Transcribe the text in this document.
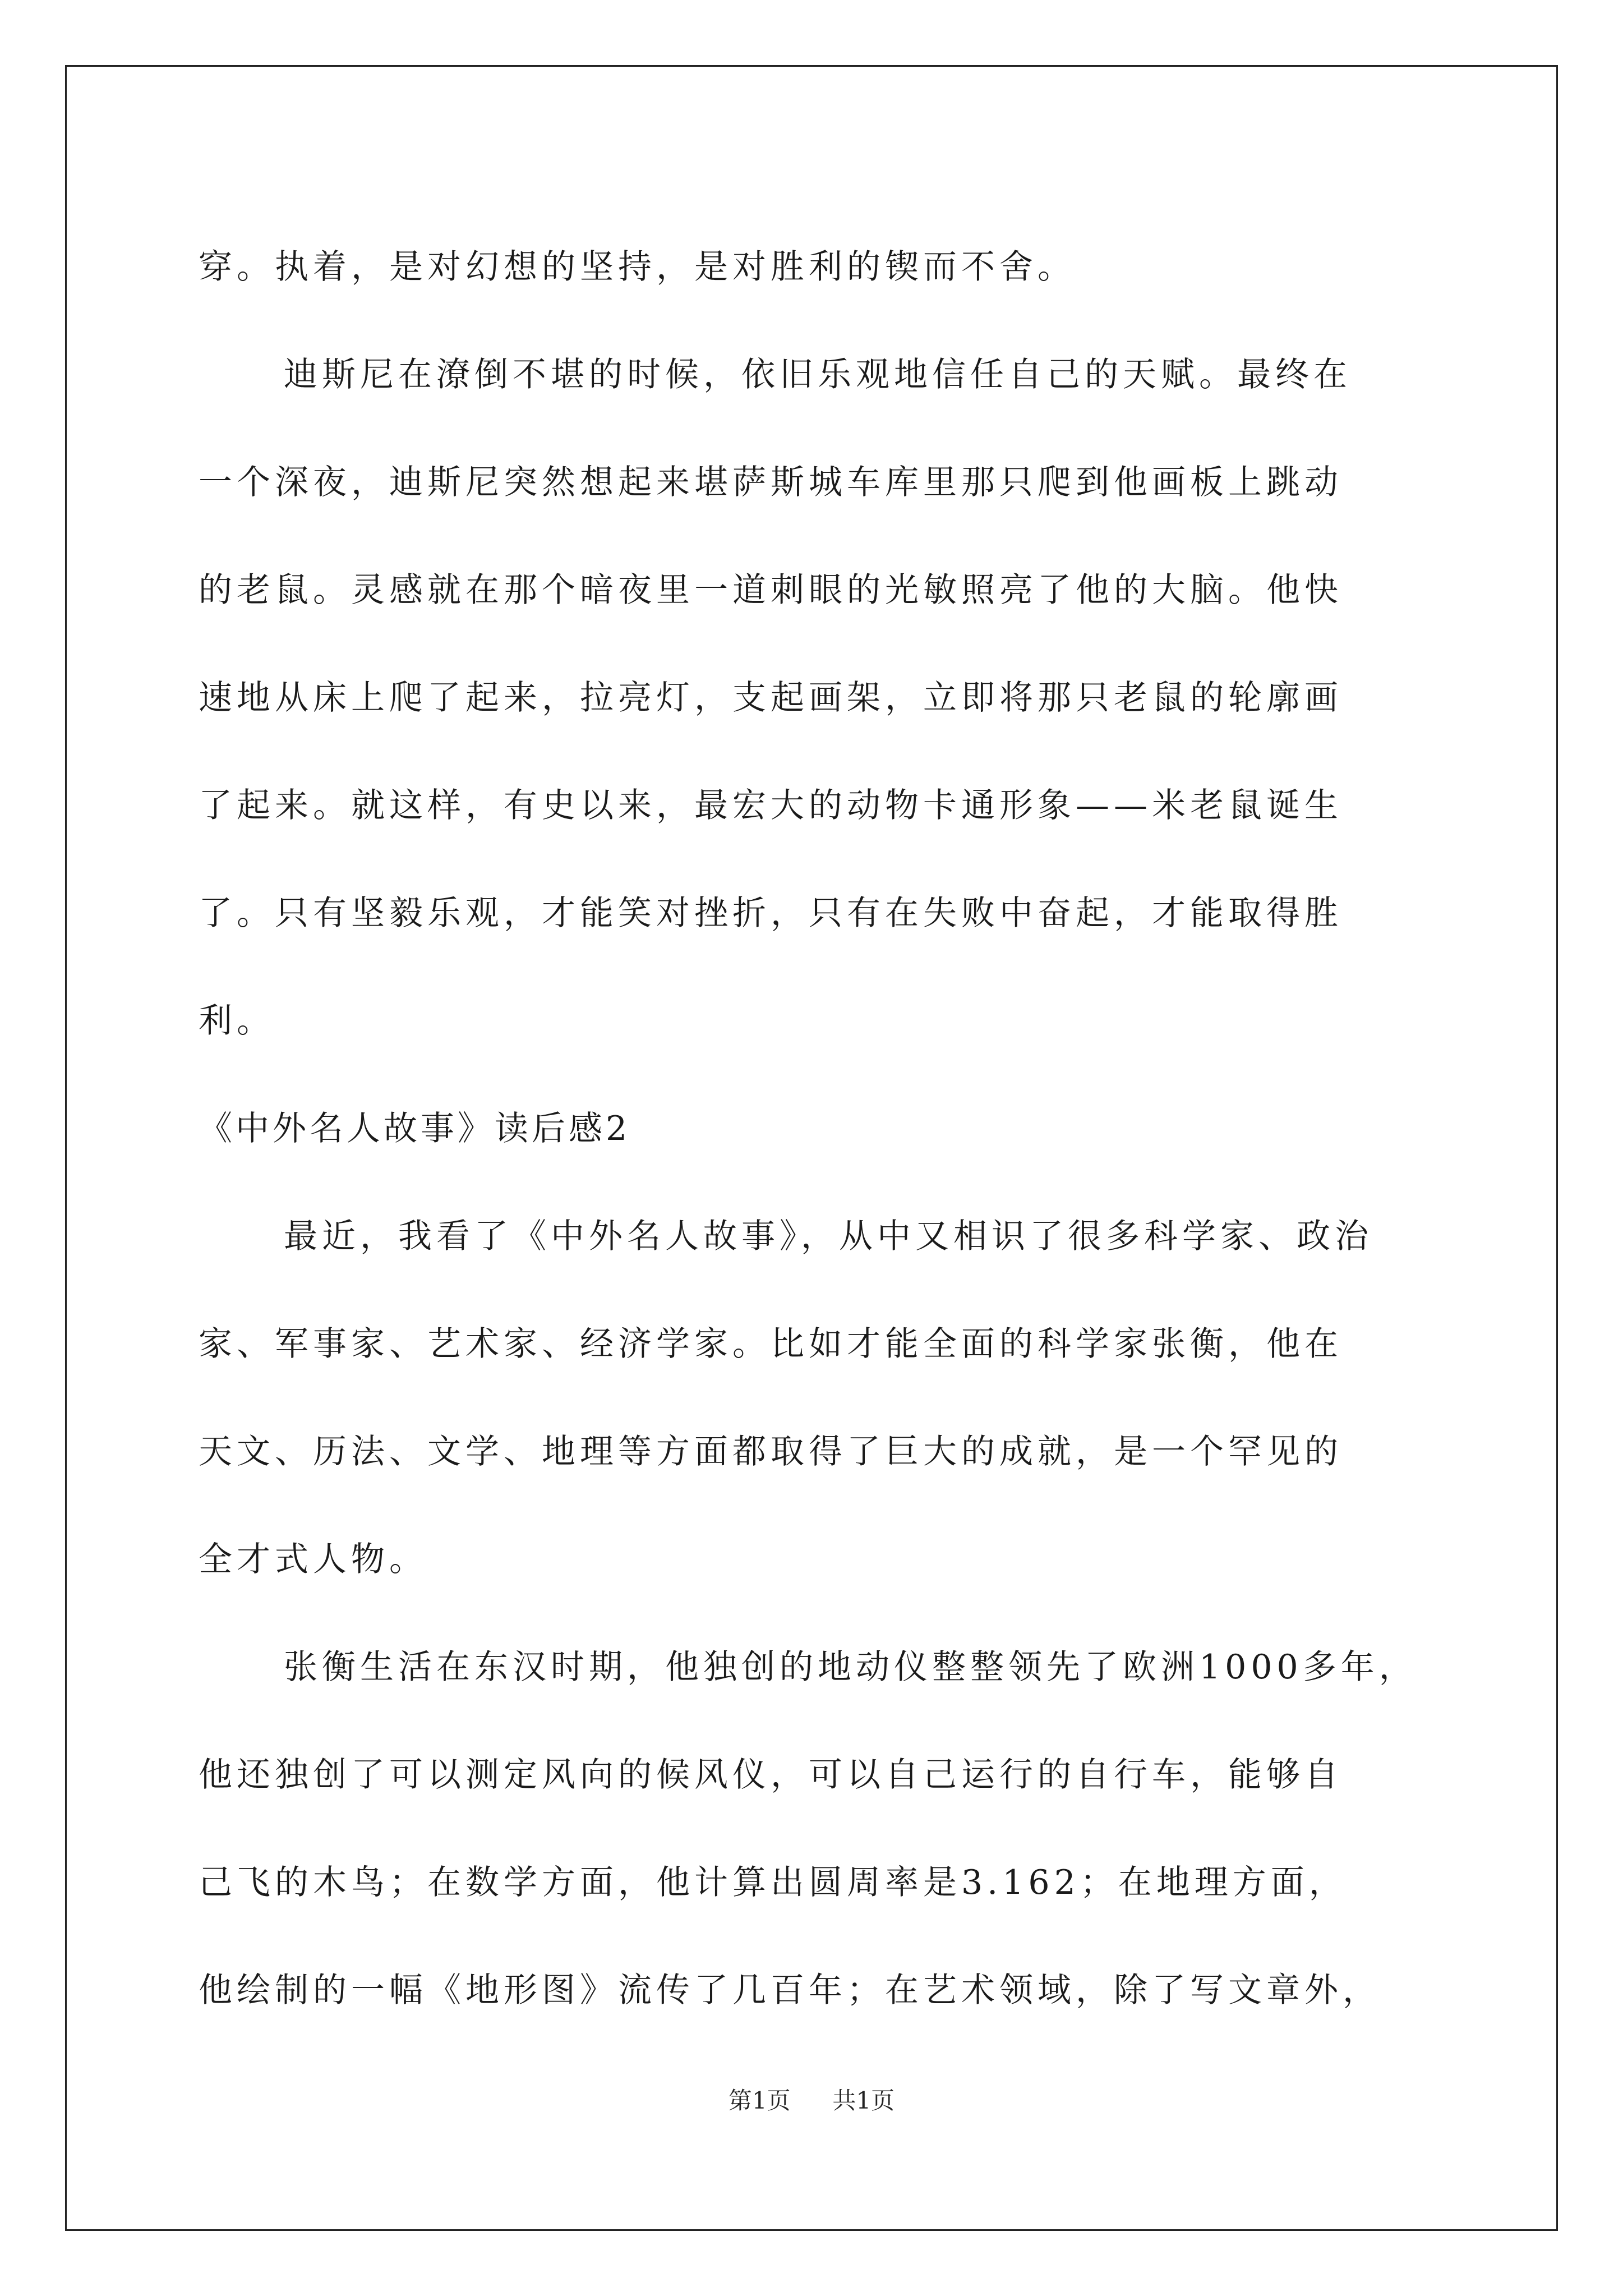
穿。执着，是对幻想的坚持，是对胜利的锲而不舍。
迪斯尼在潦倒不堪的时候，依旧乐观地信任自己的天赋。最终在
一个深夜，迪斯尼突然想起来堪萨斯城车库里那只爬到他画板上跳动
的老鼠。灵感就在那个暗夜里一道刺眼的光敏照亮了他的大脑。他快
速地从床上爬了起来，拉亮灯，支起画架，立即将那只老鼠的轮廓画
了起来。就这样，有史以来，最宏大的动物卡通形象——米老鼠诞生
了。只有坚毅乐观，才能笑对挫折，只有在失败中奋起，才能取得胜
利。
《中外名人故事》读后感2
最近，我看了《中外名人故事》，从中又相识了很多科学家、政治
家、军事家、艺术家、经济学家。比如才能全面的科学家张衡，他在
天文、历法、文学、地理等方面都取得了巨大的成就，是一个罕见的
全才式人物。
张衡生活在东汉时期，他独创的地动仪整整领先了欧洲1000多年，
他还独创了可以测定风向的候风仪，可以自己运行的自行车，能够自
己飞的木鸟；在数学方面，他计算出圆周率是3.162；在地理方面，
他绘制的一幅《地形图》流传了几百年；在艺术领域，除了写文章外，
第1页 共1页
